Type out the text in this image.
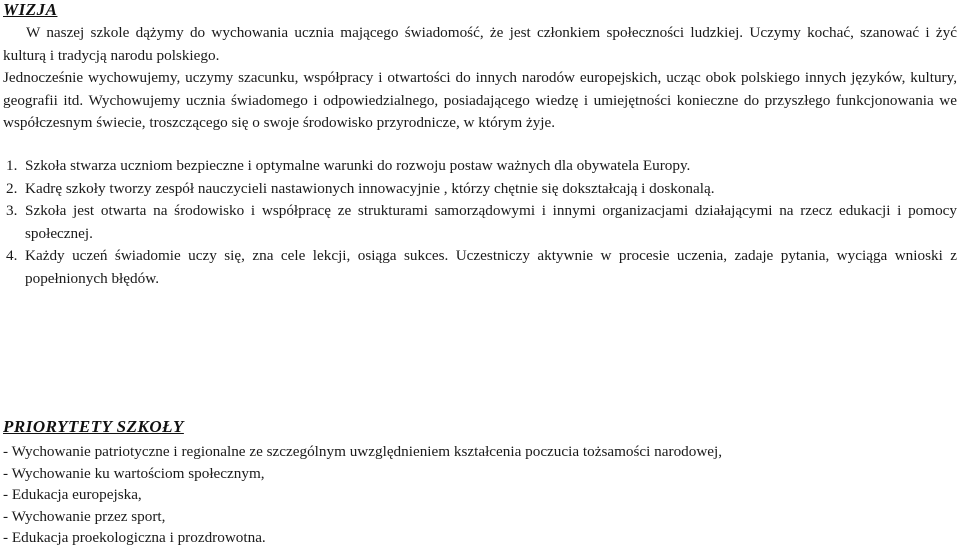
WIZJA

W naszej szkole dążymy do wychowania ucznia mającego świadomość, że jest członkiem społeczności ludzkiej. Uczymy kochać, szanować i żyć kulturą i tradycją narodu polskiego.

Jednocześnie wychowujemy, uczymy szacunku, współpracy i otwartości do innych narodów europejskich, ucząc obok polskiego innych języków, kultury, geografii itd. Wychowujemy ucznia świadomego i odpowiedzialnego, posiadającego wiedzę i umiejętności konieczne do przyszłego funkcjonowania we współczesnym świecie, troszczącego się o swoje środowisko przyrodnicze, w którym żyje.

1. Szkoła stwarza uczniom bezpieczne i optymalne warunki do rozwoju postaw ważnych dla obywatela Europy.
2. Kadrę szkoły tworzy zespół nauczycieli nastawionych innowacyjnie , którzy chętnie się dokształcają i doskonalą.
3. Szkoła jest otwarta na środowisko i współpracę ze strukturami samorządowymi i innymi organizacjami działającymi na rzecz edukacji i pomocy społecznej.
4. Każdy uczeń świadomie uczy się, zna cele lekcji, osiąga sukces. Uczestniczy aktywnie w procesie uczenia, zadaje pytania, wyciąga wnioski z popełnionych błędów.
PRIORYTETY SZKOŁY
- Wychowanie patriotyczne i regionalne ze szczególnym uwzględnieniem kształcenia poczucia tożsamości narodowej,
- Wychowanie ku wartościom społecznym,
- Edukacja europejska,
- Wychowanie przez sport,
- Edukacja proekologiczna i prozdrowotna.
